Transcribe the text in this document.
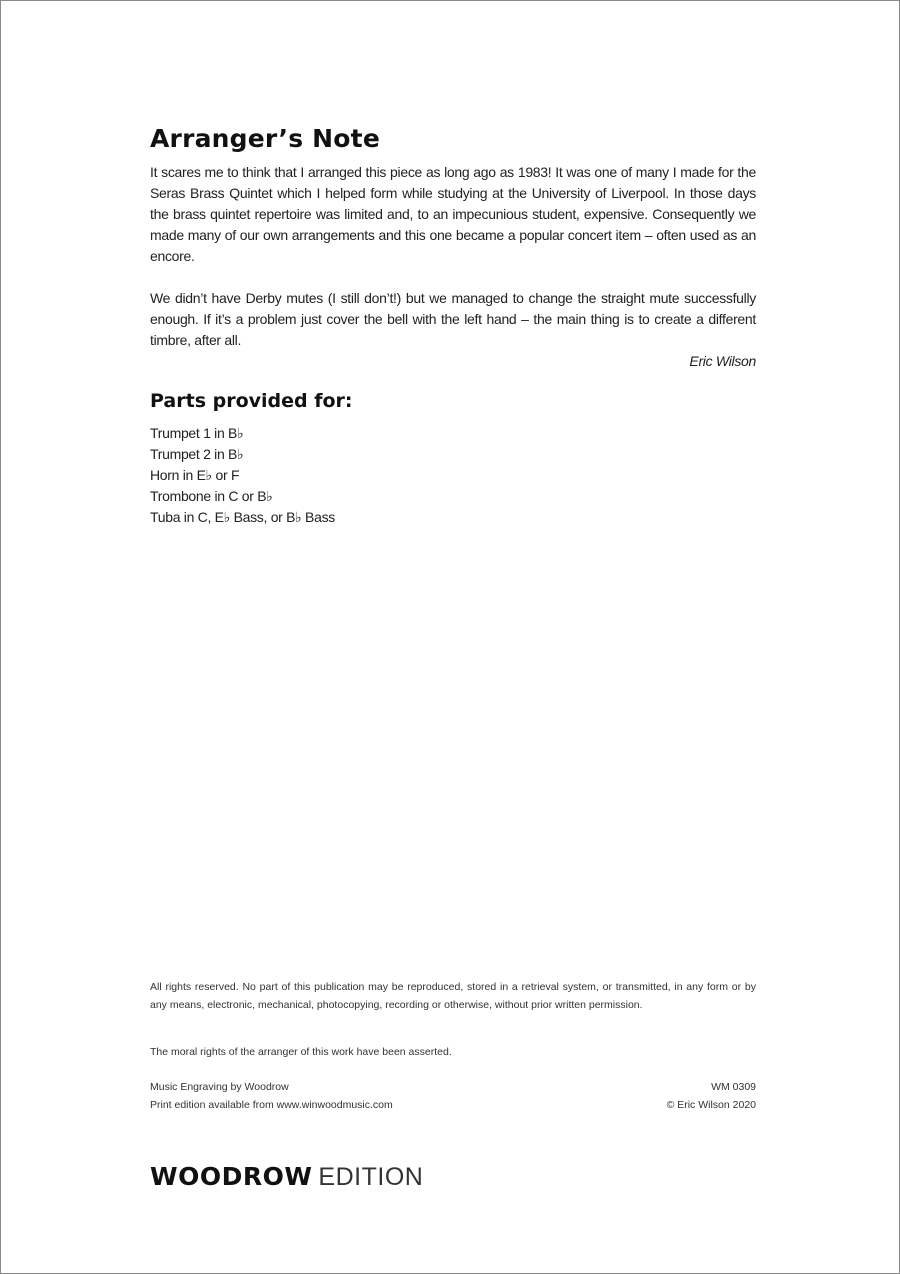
Arranger’s Note

It scares me to think that I arranged this piece as long ago as 1983! It was one of many I made for the Seras Brass Quintet which I helped form while studying at the University of Liverpool. In those days the brass quintet repertoire was limited and, to an impecunious student, expensive. Consequently we made many of our own arrangements and this one became a popular concert item – often used as an encore.

We didn’t have Derby mutes (I still don’t!) but we managed to change the straight mute successfully enough. If it’s a problem just cover the bell with the left hand – the main thing is to create a different timbre, after all.

Eric Wilson
Parts provided for:
Trumpet 1 in B♭
Trumpet 2 in B♭
Horn in E♭ or F
Trombone in C or B♭
Tuba in C, E♭ Bass, or B♭ Bass
All rights reserved. No part of this publication may be reproduced, stored in a retrieval system, or transmitted, in any form or by any means, electronic, mechanical, photocopying, recording or otherwise, without prior written permission.
The moral rights of the arranger of this work have been asserted.
Music Engraving by Woodrow
Print edition available from www.winwoodmusic.com
WM 0309
© Eric Wilson 2020
WOODROW EDITION
